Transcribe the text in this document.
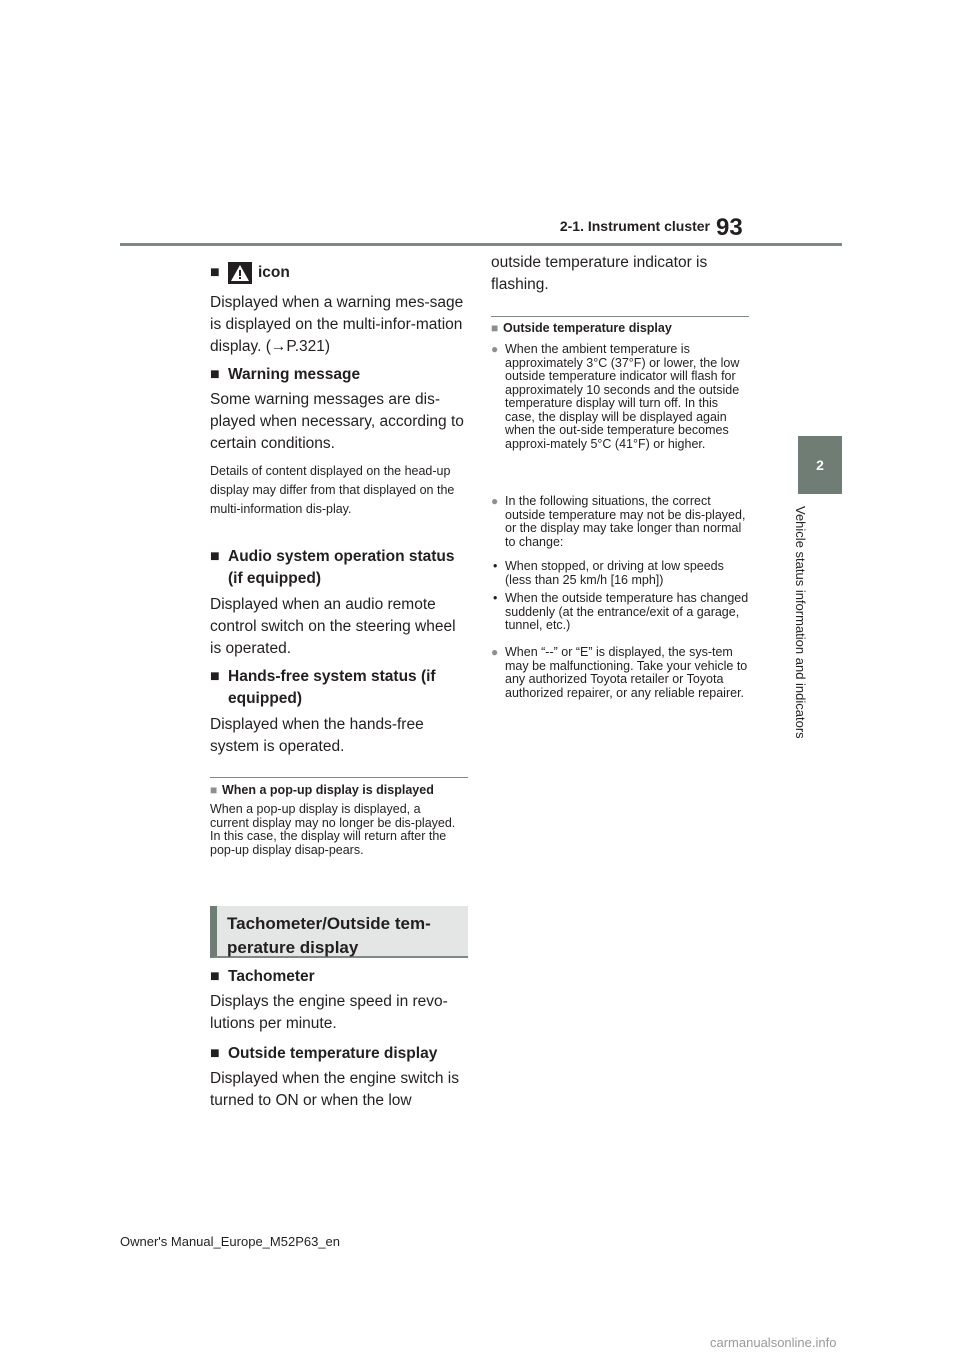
2-1. Instrument cluster 93
2
Vehicle status information and indicators
■	icon
Displayed when a warning mes-sage is displayed on the multi-infor-mation display. (→P.321)
■ Warning message
Some warning messages are dis-played when necessary, according to certain conditions.
Details of content displayed on the head-up display may differ from that displayed on the multi-information dis-play.
■ Audio system operation status (if equipped)
Displayed when an audio remote control switch on the steering wheel is operated.
■ Hands-free system status (if equipped)
Displayed when the hands-free system is operated.
■ When a pop-up display is displayed
When a pop-up display is displayed, a current display may no longer be dis-played. In this case, the display will return after the pop-up display disap-pears.
Tachometer/Outside tem-perature display
■ Tachometer
Displays the engine speed in revo-lutions per minute.
■ Outside temperature display
Displayed when the engine switch is turned to ON or when the low
outside temperature indicator is flashing.
■ Outside temperature display
● When the ambient temperature is approximately 3°C (37°F) or lower, the low outside temperature indicator will flash for approximately 10 seconds and the outside temperature display will turn off. In this case, the display will be displayed again when the out-side temperature becomes approxi-mately 5°C (41°F) or higher.
● In the following situations, the correct outside temperature may not be dis-played, or the display may take longer than normal to change:
• When stopped, or driving at low speeds (less than 25 km/h [16 mph])
• When the outside temperature has changed suddenly (at the entrance/exit of a garage, tunnel, etc.)
● When “--” or “E” is displayed, the sys-tem may be malfunctioning. Take your vehicle to any authorized Toyota retailer or Toyota authorized repairer, or any reliable repairer.
Owner's Manual_Europe_M52P63_en
carmanualsonline.info
